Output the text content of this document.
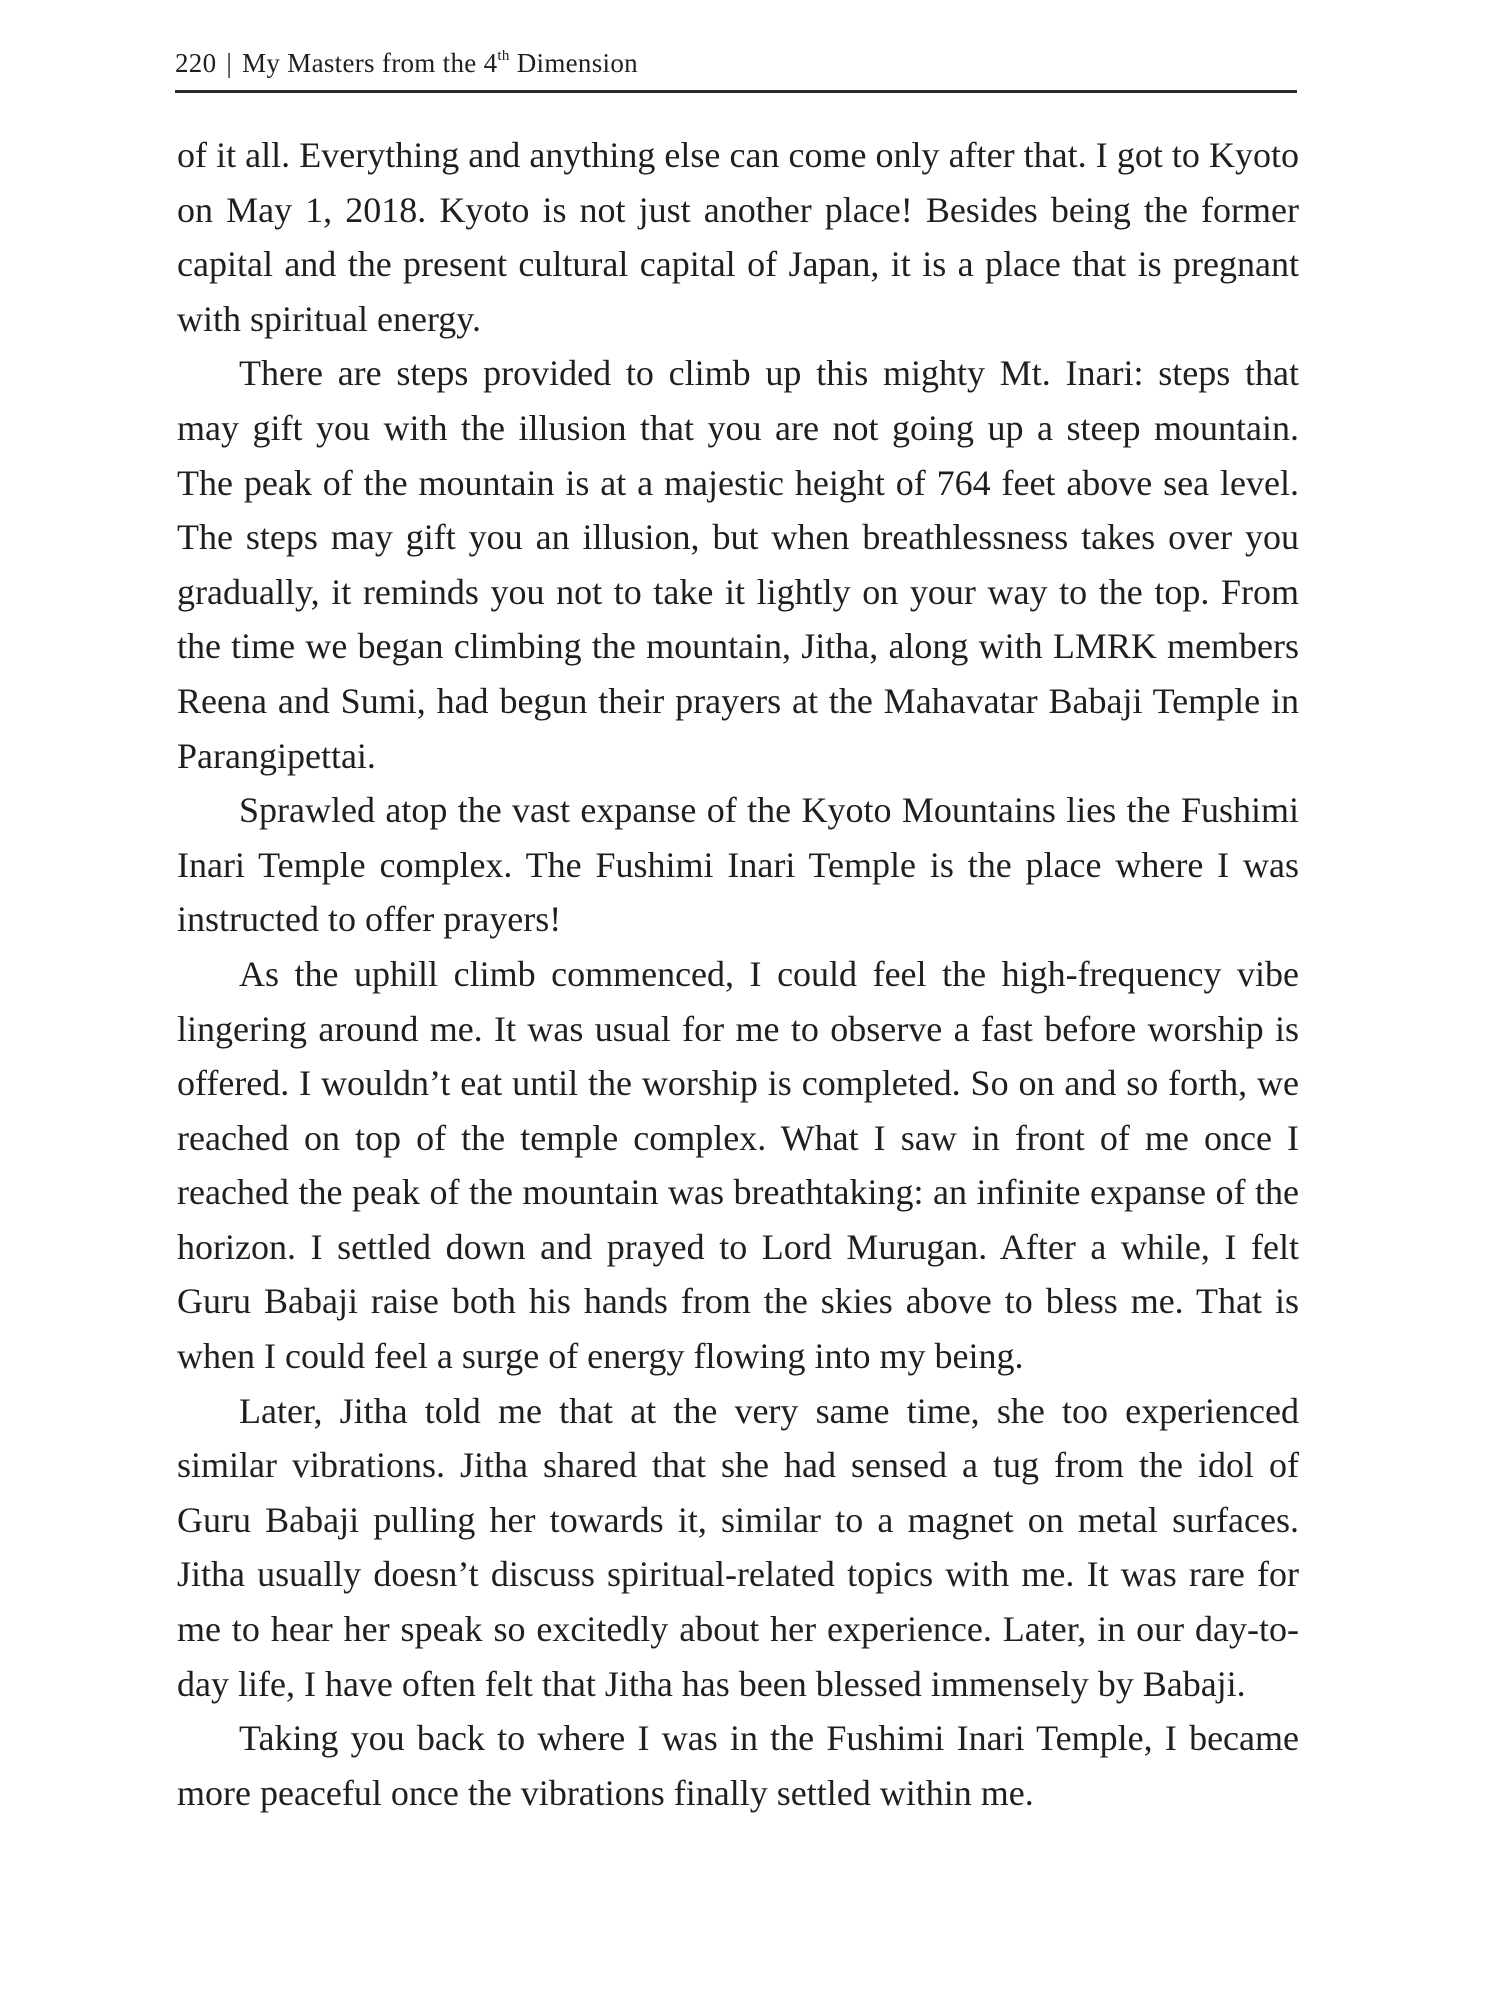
220 | My Masters from the 4th Dimension

of it all. Everything and anything else can come only after that. I got to Kyoto on May 1, 2018. Kyoto is not just another place! Besides being the former capital and the present cultural capital of Japan, it is a place that is pregnant with spiritual energy.

There are steps provided to climb up this mighty Mt. Inari: steps that may gift you with the illusion that you are not going up a steep mountain. The peak of the mountain is at a majestic height of 764 feet above sea level. The steps may gift you an illusion, but when breathlessness takes over you gradually, it reminds you not to take it lightly on your way to the top. From the time we began climbing the mountain, Jitha, along with LMRK members Reena and Sumi, had begun their prayers at the Mahavatar Babaji Temple in Parangipettai.

Sprawled atop the vast expanse of the Kyoto Mountains lies the Fushimi Inari Temple complex. The Fushimi Inari Temple is the place where I was instructed to offer prayers!

As the uphill climb commenced, I could feel the high-frequency vibe lingering around me. It was usual for me to observe a fast before worship is offered. I wouldn’t eat until the worship is completed. So on and so forth, we reached on top of the temple complex. What I saw in front of me once I reached the peak of the mountain was breathtaking: an infinite expanse of the horizon. I settled down and prayed to Lord Murugan. After a while, I felt Guru Babaji raise both his hands from the skies above to bless me. That is when I could feel a surge of energy flowing into my being.

Later, Jitha told me that at the very same time, she too experienced similar vibrations. Jitha shared that she had sensed a tug from the idol of Guru Babaji pulling her towards it, similar to a magnet on metal surfaces. Jitha usually doesn’t discuss spiritual-related topics with me. It was rare for me to hear her speak so excitedly about her experience. Later, in our day-to-day life, I have often felt that Jitha has been blessed immensely by Babaji.

Taking you back to where I was in the Fushimi Inari Temple, I became more peaceful once the vibrations finally settled within me.
